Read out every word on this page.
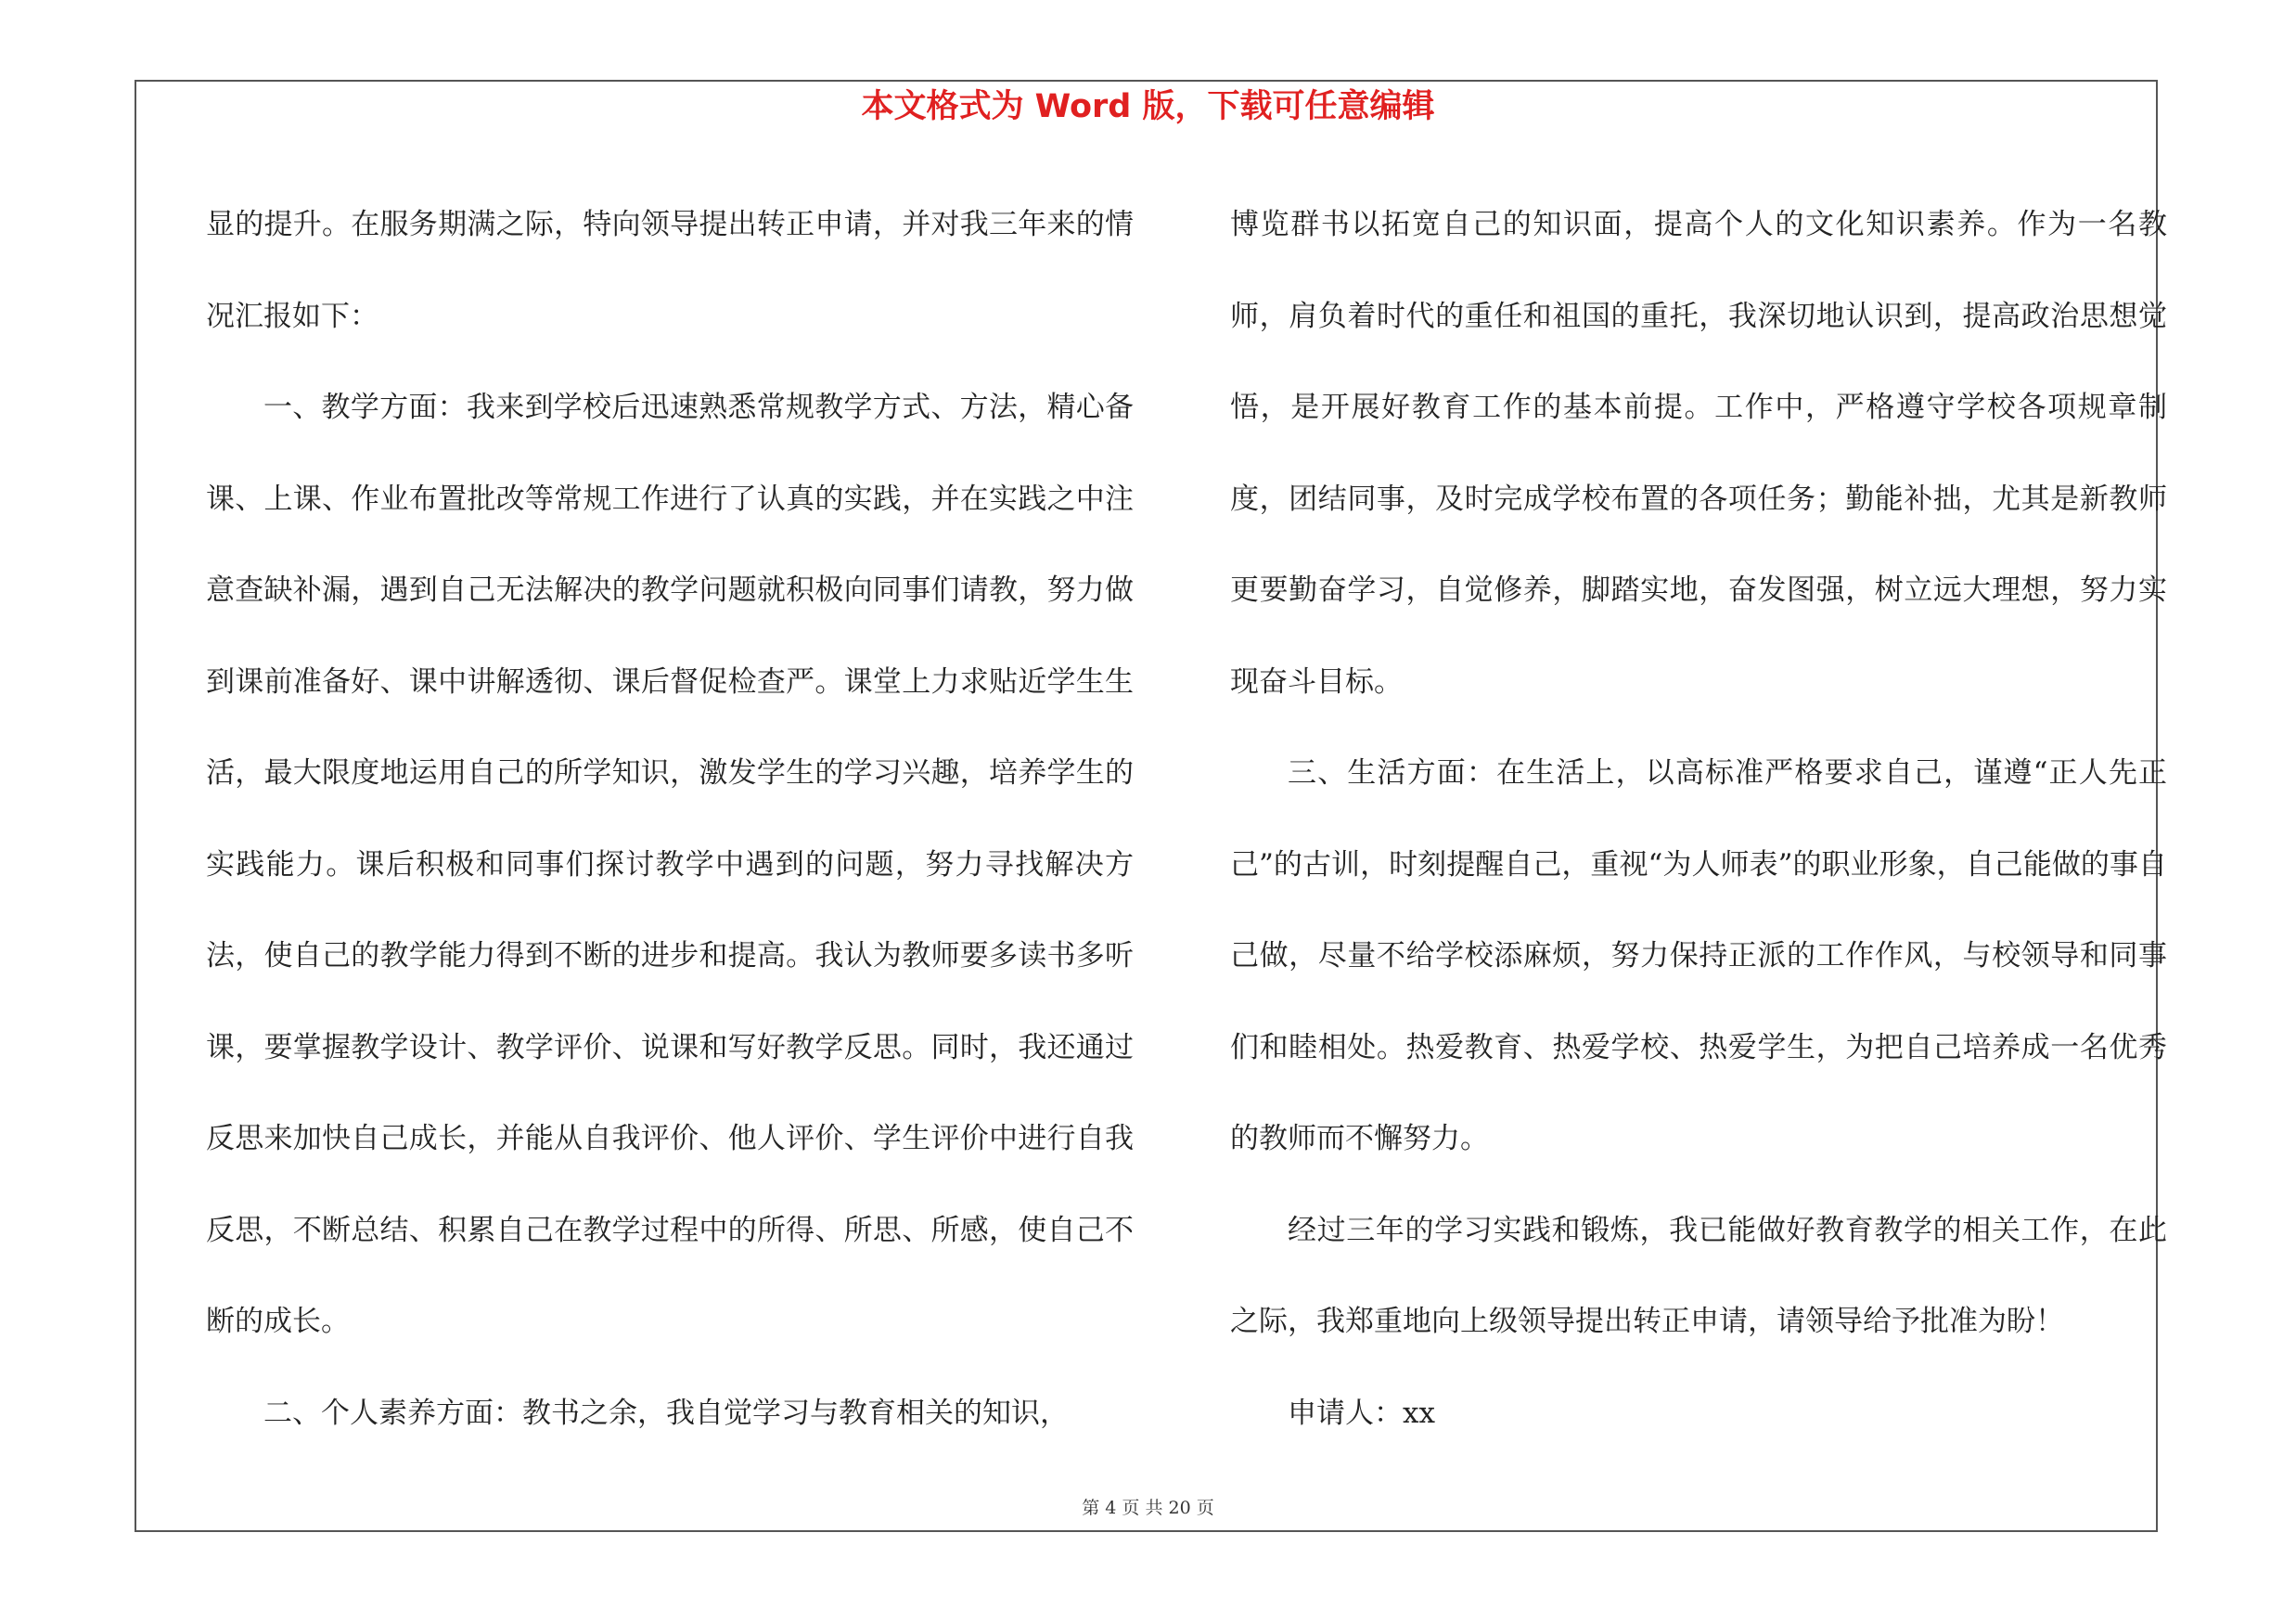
本文格式为 Word 版，下载可任意编辑

显的提升。在服务期满之际，特向领导提出转正申请，并对我三年来的情况汇报如下：

一、教学方面：我来到学校后迅速熟悉常规教学方式、方法，精心备课、上课、作业布置批改等常规工作进行了认真的实践，并在实践之中注意查缺补漏，遇到自己无法解决的教学问题就积极向同事们请教，努力做到课前准备好、课中讲解透彻、课后督促检查严。课堂上力求贴近学生生活，最大限度地运用自己的所学知识，激发学生的学习兴趣，培养学生的实践能力。课后积极和同事们探讨教学中遇到的问题，努力寻找解决方法，使自己的教学能力得到不断的进步和提高。我认为教师要多读书多听课，要掌握教学设计、教学评价、说课和写好教学反思。同时，我还通过反思来加快自己成长，并能从自我评价、他人评价、学生评价中进行自我反思，不断总结、积累自己在教学过程中的所得、所思、所感，使自己不断的成长。

二、个人素养方面：教书之余，我自觉学习与教育相关的知识，

博览群书以拓宽自己的知识面，提高个人的文化知识素养。作为一名教师，肩负着时代的重任和祖国的重托，我深切地认识到，提高政治思想觉悟，是开展好教育工作的基本前提。工作中，严格遵守学校各项规章制度，团结同事，及时完成学校布置的各项任务；勤能补拙，尤其是新教师更要勤奋学习，自觉修养，脚踏实地，奋发图强，树立远大理想，努力实现奋斗目标。

三、生活方面：在生活上，以高标准严格要求自己，谨遵“正人先正己”的古训，时刻提醒自己，重视“为人师表”的职业形象，自己能做的事自己做，尽量不给学校添麻烦，努力保持正派的工作作风，与校领导和同事们和睦相处。热爱教育、热爱学校、热爱学生，为把自己培养成一名优秀的教师而不懈努力。

经过三年的学习实践和锻炼，我已能做好教育教学的相关工作，在此之际，我郑重地向上级领导提出转正申请，请领导给予批准为盼！

申请人：xx

第 4 页 共 20 页
